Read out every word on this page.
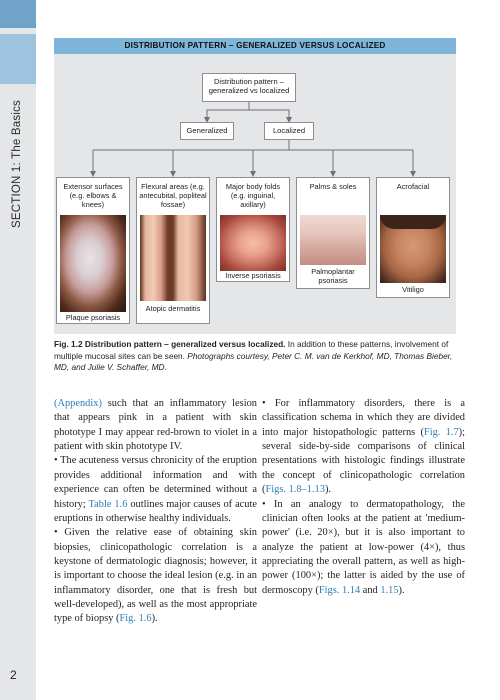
SECTION 1: The Basics
2
DISTRIBUTION PATTERN – GENERALIZED VERSUS LOCALIZED
Distribution pattern – generalized vs localized
Generalized	Localized
Extensor surfaces (e.g. elbows & knees)
Plaque psoriasis
Flexural areas (e.g. antecubital, popliteal fossae)
Atopic dermatitis
Major body folds (e.g. inguinal, axillary)
Inverse psoriasis
Palms & soles
Palmoplantar psoriasis
Acrofacial
Vitiligo
Fig. 1.2 Distribution pattern – generalized versus localized. In addition to these patterns, involvement of multiple mucosal sites can be seen. Photographs courtesy, Peter C. M. van de Kerkhof, MD, Thomas Bieber, MD, and Julie V. Schaffer, MD.

(Appendix) such that an inflammatory lesion that appears pink in a patient with skin phototype I may appear red-brown to violet in a patient with skin phototype IV.

• The acuteness versus chronicity of the eruption provides additional information and with experience can often be determined without a history; Table 1.6 outlines major causes of acute eruptions in otherwise healthy individuals.

• Given the relative ease of obtaining skin biopsies, clinicopathologic correlation is a keystone of dermatologic diagnosis; however, it is important to choose the ideal lesion (e.g. in an inflammatory disorder, one that is fresh but well-developed), as well as the most appropriate type of biopsy (Fig. 1.6).

• For inflammatory disorders, there is a classification schema in which they are divided into major histopathologic patterns (Fig. 1.7); several side-by-side comparisons of clinical presentations with histologic findings illustrate the concept of clinicopathologic correlation (Figs. 1.8–1.13).

• In an analogy to dermatopathology, the clinician often looks at the patient at 'medium-power' (i.e. 20×), but it is also important to analyze the patient at low-power (4×), thus appreciating the overall pattern, as well as high-power (100×); the latter is aided by the use of dermoscopy (Figs. 1.14 and 1.15).
